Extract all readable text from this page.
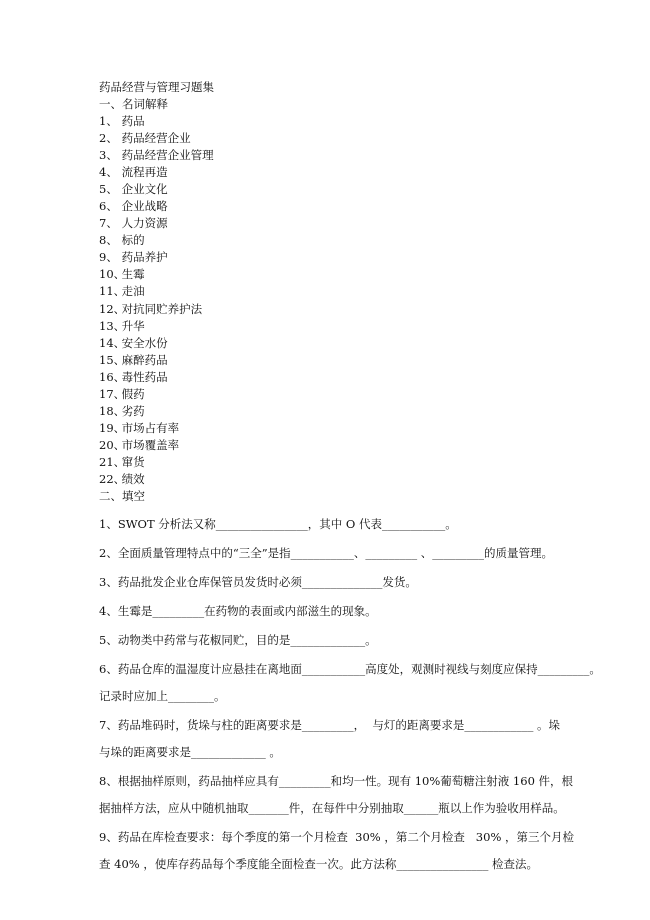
药品经营与管理习题集
一、名词解释
1、 药品
2、 药品经营企业
3、 药品经营企业管理
4、 流程再造
5、 企业文化
6、 企业战略
7、 人力资源
8、 标的
9、 药品养护
10、 生霉
11、 走油
12、 对抗同贮养护法
13、 升华
14、 安全水份
15、 麻醉药品
16、 毒性药品
17、 假药
18、 劣药
19、 市场占有率
20、 市场覆盖率
21、 窜货
22、 绩效
二、填空
1、SWOT 分析法又称________________，其中 O 代表___________。
2、全面质量管理特点中的“三全”是指___________、_________ 、_________的质量管理。
3、药品批发企业仓库保管员发货时必须______________发货。
4、生霉是_________在药物的表面或内部滋生的现象。
5、动物类中药常与花椒同贮，目的是_____________。
6、药品仓库的温湿度计应悬挂在离地面___________高度处，观测时视线与刻度应保持_________。
记录时应加上________。
7、药品堆码时，货垛与柱的距离要求是_________，  与灯的距离要求是____________ 。垛
与垛的距离要求是_____________ 。
8、根据抽样原则，药品抽样应具有_________和均一性。现有 10%葡萄糖注射液 160 件，根
据抽样方法，应从中随机抽取_______件，在每件中分别抽取______瓶以上作为验收用样品。
9、药品在库检查要求：每个季度的第一个月检查  30% ，第二个月检查   30% ，第三个月检
查 40% ，使库存药品每个季度能全面检查一次。此方法称________________ 检查法。
